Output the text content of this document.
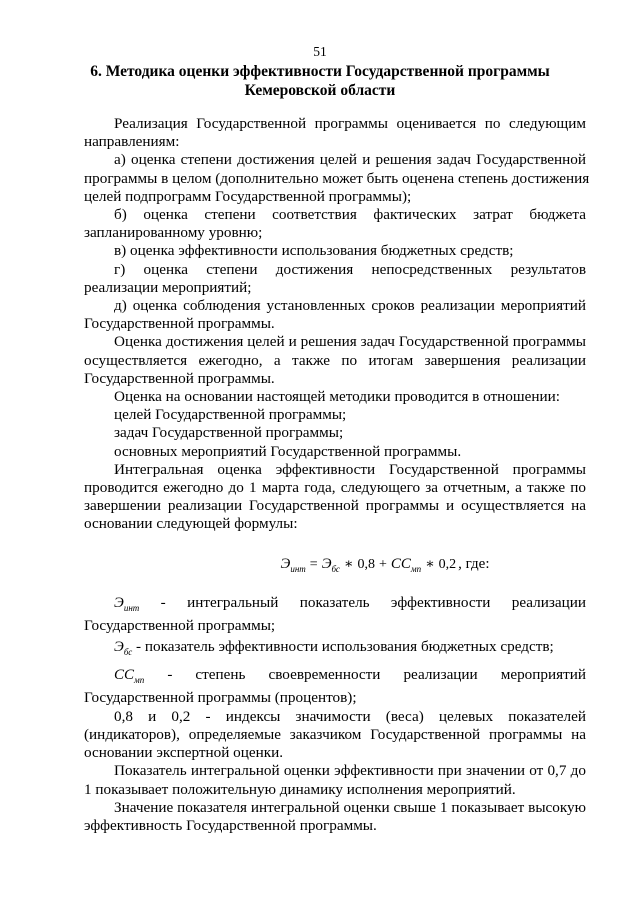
51
6. Методика оценки эффективности Государственной программы
Кемеровской области
Реализация Государственной программы оценивается по следующим
направлениям:
а) оценка степени достижения целей и решения задач Государственной
программы в целом (дополнительно может быть оценена степень достижения
целей подпрограмм Государственной программы);
б) оценка степени соответствия фактических затрат бюджета
запланированному уровню;
в) оценка эффективности использования бюджетных средств;
г) оценка степени достижения непосредственных результатов
реализации мероприятий;
д) оценка соблюдения установленных сроков реализации мероприятий
Государственной программы.
Оценка достижения целей и решения задач Государственной программы
осуществляется ежегодно, а также по итогам завершения реализации
Государственной программы.
Оценка на основании настоящей методики проводится в отношении:
целей Государственной программы;
задач Государственной программы;
основных мероприятий Государственной программы.
Интегральная оценка эффективности Государственной программы
проводится ежегодно до 1 марта года, следующего за отчетным, а также по
завершении реализации Государственной программы и осуществляется на
основании следующей формулы:
$Э_{инт} = Э_{бс}$ ∗ $0,8 + СС_{мп}$ ∗ 0,2 , где:
$Э_{инт}$ - интегральный показатель эффективности реализации
Государственной программы;
$Э_{бс}$ - показатель эффективности использования бюджетных средств;
$СС_{мп}$ - степень своевременности реализации мероприятий
Государственной программы (процентов);
0,8 и 0,2 - индексы значимости (веса) целевых показателей
(индикаторов), определяемые заказчиком Государственной программы на
основании экспертной оценки.
Показатель интегральной оценки эффективности при значении от 0,7 до
1 показывает положительную динамику исполнения мероприятий.
Значение показателя интегральной оценки свыше 1 показывает высокую
эффективность Государственной программы.
